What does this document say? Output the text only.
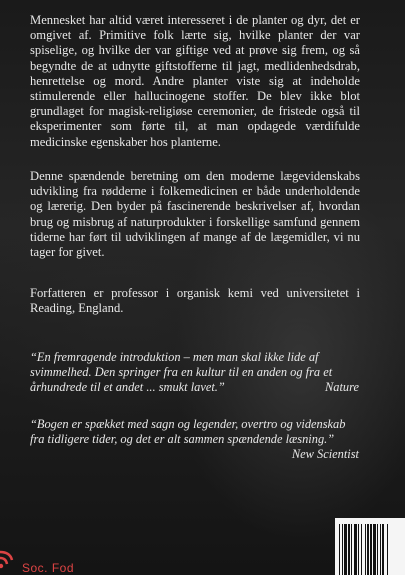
Mennesket har altid været interesseret i de planter og dyr, det er omgivet af. Primitive folk lærte sig, hvilke planter der var spiselige, og hvilke der var giftige ved at prøve sig frem, og så begyndte de at udnytte giftstofferne til jagt, medlidenhedsdrab, henrettelse og mord. Andre planter viste sig at indeholde stimulerende eller hallucinogene stoffer. De blev ikke blot grundlaget for magisk-religiøse ceremonier, de fristede også til eksperimenter som førte til, at man opdagede værdifulde medicinske egenskaber hos planterne.

Denne spændende beretning om den moderne lægevidenskabs udvikling fra rødderne i folkemedicinen er både underholdende og lærerig. Den byder på fascinerende beskrivelser af, hvordan brug og misbrug af naturprodukter i forskellige samfund gennem tiderne har ført til udviklingen af mange af de lægemidler, vi nu tager for givet.

Forfatteren er professor i organisk kemi ved universitetet i Reading, England.

“En fremragende introduktion – men man skal ikke lide af svimmelhed. Den springer fra en kultur til en anden og fra et århundrede til et andet ... smukt lavet.”	Nature

“Bogen er spækket med sagn og legender, overtro og videnskab fra tidligere tider, og det er alt sammen spændende læsning.”

New Scientist
Soc. Fod
